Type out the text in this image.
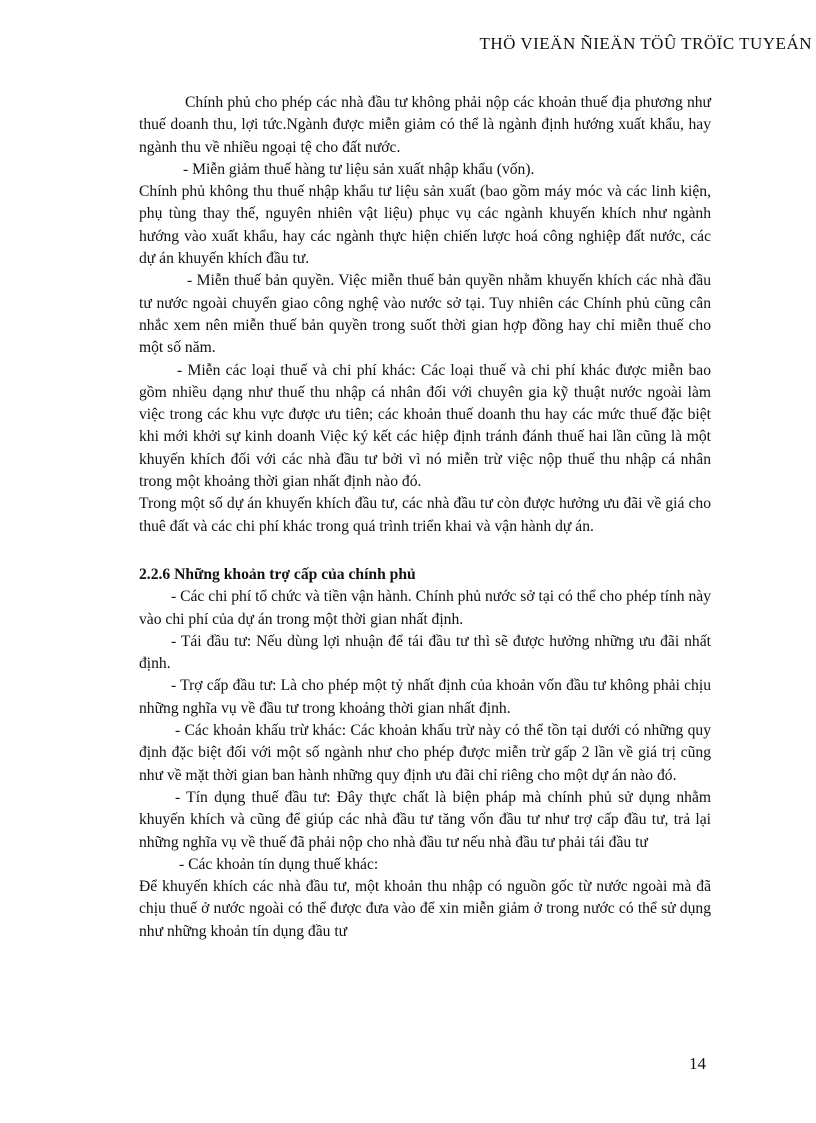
THÖ VIEÄN ÑIEÄN TÖÛ TRÖÏC TUYEÁN

Chính phủ cho phép các nhà đầu tư không phải nộp các khoản thuế địa phương như thuế doanh thu, lợi tức.Ngành được miễn giảm có thể là ngành định hướng xuất khẩu, hay ngành thu về nhiều ngoại tệ cho đất nước.

- Miễn giảm thuế hàng tư liệu sản xuất nhập khẩu (vốn).

Chính phủ không thu thuế nhập khẩu tư liệu sản xuất (bao gồm máy móc và các linh kiện, phụ tùng thay thế, nguyên nhiên vật liệu) phục vụ các ngành khuyến khích như ngành hướng vào xuất khẩu, hay các ngành thực hiện chiến lược hoá công nghiệp đất nước, các dự án khuyến khích đầu tư.

- Miễn thuế bản quyền. Việc miễn thuế bản quyền nhằm khuyến khích các nhà đầu tư nước ngoài chuyển giao công nghệ vào nước sở tại. Tuy nhiên các Chính phủ cũng cân nhắc xem nên miễn thuế bản quyền trong suốt thời gian hợp đồng hay chỉ miễn thuế cho một số năm.

- Miễn các loại thuế và chi phí khác: Các loại thuế và chi phí khác được miễn bao gồm nhiều dạng như thuế thu nhập cá nhân đối với chuyên gia kỹ thuật nước ngoài làm việc trong các khu vực được ưu tiên; các khoản thuế doanh thu hay các mức thuế đặc biệt khi mới khởi sự kinh doanh Việc ký kết các hiệp định tránh đánh thuế hai lần cũng là một khuyến khích đối với các nhà đầu tư bởi vì nó miễn trừ việc nộp thuế thu nhập cá nhân trong một khoảng thời gian nhất định nào đó.

Trong một số dự án khuyến khích đầu tư, các nhà đầu tư còn được hưởng ưu đãi về giá cho thuê đất và các chi phí khác trong quá trình triển khai và vận hành dự án.

2.2.6 Những khoản trợ cấp của chính phủ

- Các chi phí tổ chức và tiền vận hành. Chính phủ nước sở tại có thể cho phép tính này vào chi phí của dự án trong một thời gian nhất định.

- Tái đầu tư: Nếu dùng lợi nhuận để tái đầu tư thì sẽ được hưởng những ưu đãi nhất định.

- Trợ cấp đầu tư: Là cho phép một tỷ nhất định của khoản vốn đầu tư không phải chịu những nghĩa vụ về đầu tư trong khoảng thời gian nhất định.

- Các khoản khấu trừ khác: Các khoản khấu trừ này có thể tồn tại dưới có những quy định đặc biệt đối với một số ngành như cho phép được miễn trừ gấp 2 lần về giá trị cũng như về mặt thời gian ban hành những quy định ưu đãi chỉ riêng cho một dự án nào đó.

- Tín dụng thuế đầu tư: Đây thực chất là biện pháp mà chính phủ sử dụng nhằm khuyến khích và cũng để giúp các nhà đầu tư tăng vốn đầu tư như trợ cấp đầu tư, trả lại những nghĩa vụ về thuế đã phải nộp cho nhà đầu tư nếu nhà đầu tư phải tái đầu tư

- Các khoản tín dụng thuế khác:

Để khuyến khích các nhà đầu tư, một khoản thu nhập có nguồn gốc từ nước ngoài mà đã chịu thuế ở nước ngoài có thể được đưa vào để xin miễn giảm ở trong nước có thể sử dụng như những khoản tín dụng đầu tư

14
